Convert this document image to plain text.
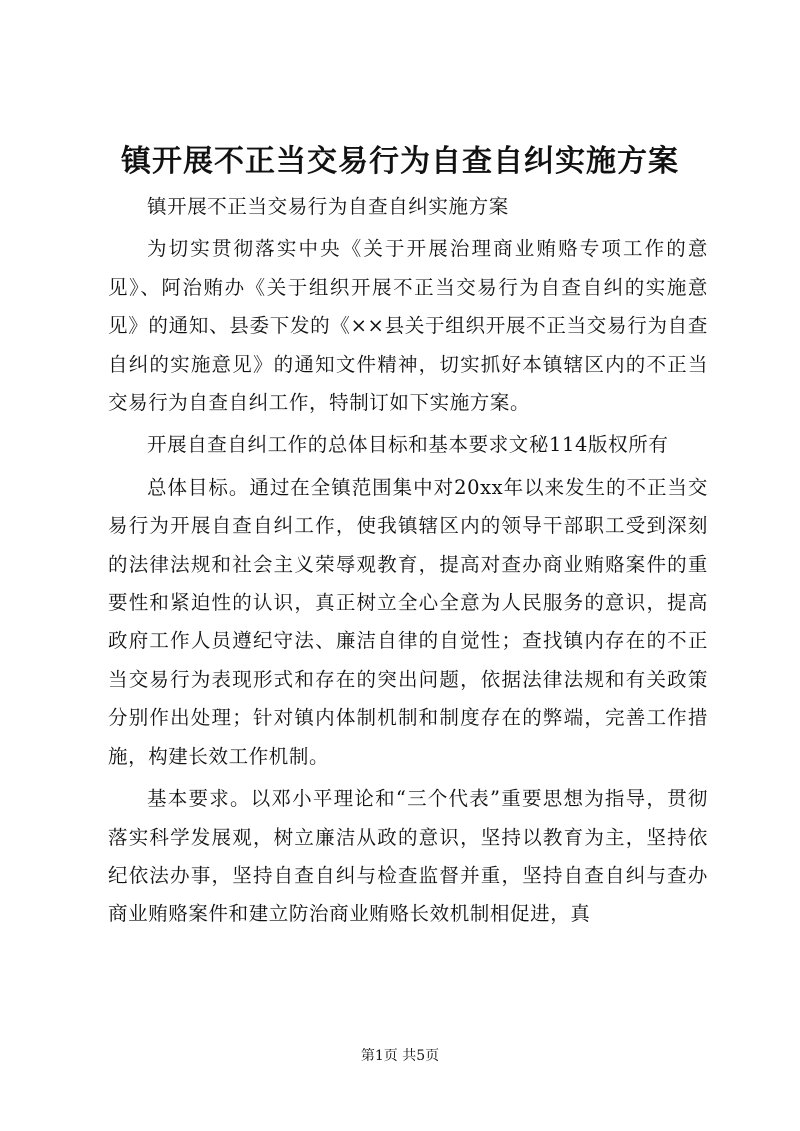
镇开展不正当交易行为自查自纠实施方案

镇开展不正当交易行为自查自纠实施方案

为切实贯彻落实中央《关于开展治理商业贿赂专项工作的意见》、阿治贿办《关于组织开展不正当交易行为自查自纠的实施意见》的通知、县委下发的《××县关于组织开展不正当交易行为自查自纠的实施意见》的通知文件精神，切实抓好本镇辖区内的不正当交易行为自查自纠工作，特制订如下实施方案。

开展自查自纠工作的总体目标和基本要求文秘114版权所有

总体目标。通过在全镇范围集中对20xx年以来发生的不正当交易行为开展自查自纠工作，使我镇辖区内的领导干部职工受到深刻的法律法规和社会主义荣辱观教育，提高对查办商业贿赂案件的重要性和紧迫性的认识，真正树立全心全意为人民服务的意识，提高政府工作人员遵纪守法、廉洁自律的自觉性；查找镇内存在的不正当交易行为表现形式和存在的突出问题，依据法律法规和有关政策分别作出处理；针对镇内体制机制和制度存在的弊端，完善工作措施，构建长效工作机制。

基本要求。以邓小平理论和“三个代表”重要思想为指导，贯彻落实科学发展观，树立廉洁从政的意识，坚持以教育为主，坚持依纪依法办事，坚持自查自纠与检查监督并重，坚持自查自纠与查办商业贿赂案件和建立防治商业贿赂长效机制相促进，真

第1页 共5页
